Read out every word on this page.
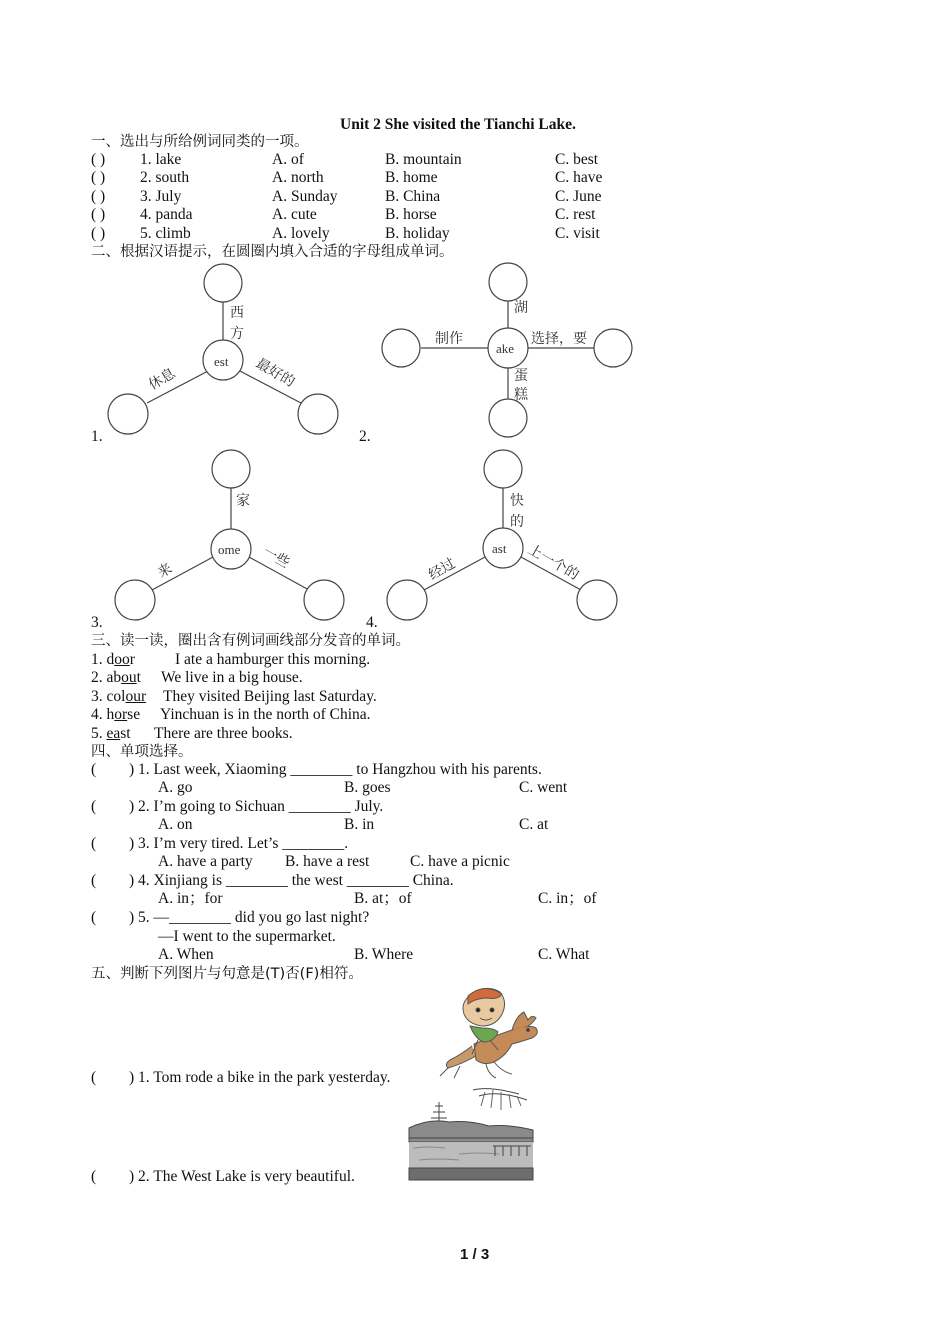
Unit 2 She visited the Tianchi Lake.
一、选出与所给例词同类的一项。
( ) 1. lake	A. of	B. mountain	C. best
( ) 2. south	A. north	B. home	C. have
( ) 3. July	A. Sunday	B. China	C. June
( ) 4. panda	A. cute	B. horse	C. rest
( ) 5. climb	A. lovely	B. holiday	C. visit
二、根据汉语提示，在圆圈内填入合适的字母组成单词。
1.
est
西
方
休息	最好的
2.
ake
湖
制作	选择，要
蛋
糕
3.
ome
家
来	一些
4.
ast
快
的
经过	上一个的
三、读一读，圈出含有例词画线部分发音的单词。
1. door	I ate a hamburger this morning.
2. about We live in a big house.
3. colour They visited Beijing last Saturday.
4. horse Yinchuan is in the north of China.
5. east There are three books.
四、单项选择。
( ) 1. Last week, Xiaoming ________ to Hangzhou with his parents.
A. go	B. goes	C. went
( ) 2. I’m going to Sichuan ________ July.
A. on	B. in	C. at
( ) 3. I’m very tired. Let’s ________.
A. have a party B. have a rest	C. have a picnic
( ) 4. Xinjiang is ________ the west ________ China.
A. in；for	B. at；of	C. in；of
( ) 5. —________ did you go last night?
—I went to the supermarket.
A. When	B. Where	C. What
五、判断下列图片与句意是(T)否(F)相符。
( ) 1. Tom rode a bike in the park yesterday.
( ) 2. The West Lake is very beautiful.
1 / 3
